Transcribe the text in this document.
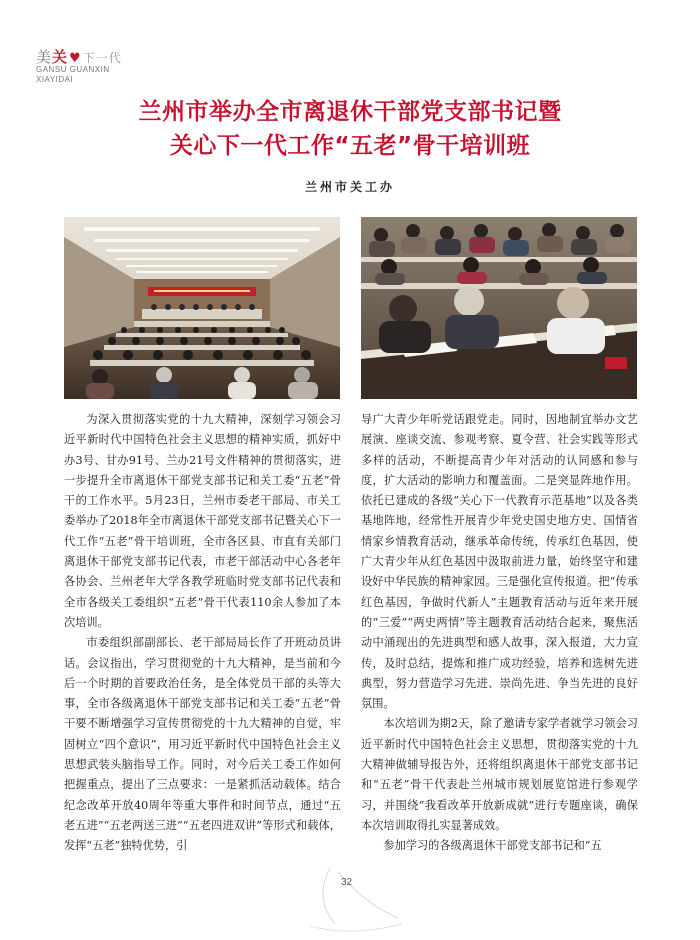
美关♥下一代
GANSU GUANXIN
XIAYIDAI
兰州市举办全市离退休干部党支部书记暨
关心下一代工作“五老”骨干培训班
兰州市关工办

为深入贯彻落实党的十九大精神，深刻学习领会习近平新时代中国特色社会主义思想的精神实质，抓好中办3号、甘办91号、兰办21号文件精神的贯彻落实，进一步提升全市离退休干部党支部书记和关工委“五老”骨干的工作水平。5月23日，兰州市委老干部局、市关工委举办了2018年全市离退休干部党支部书记暨关心下一代工作“五老”骨干培训班，全市各区县、市直有关部门离退休干部党支部书记代表，市老干部活动中心各老年各协会、兰州老年大学各教学班临时党支部书记代表和全市各级关工委组织“五老”骨干代表110余人参加了本次培训。

市委组织部副部长、老干部局局长作了开班动员讲话。会议指出，学习贯彻党的十九大精神，是当前和今后一个时期的首要政治任务，是全体党员干部的头等大事，全市各级离退休干部党支部书记和关工委“五老”骨干要不断增强学习宣传贯彻党的十九大精神的自觉，牢固树立“四个意识”，用习近平新时代中国特色社会主义思想武装头脑指导工作。同时，对今后关工委工作如何把握重点，提出了三点要求：一是紧抓活动载体。结合纪念改革开放40周年等重大事件和时间节点，通过“五老五进”“五老两送三进”“五老四进双讲”等形式和载体，发挥“五老”独特优势，引

导广大青少年听党话跟党走。同时，因地制宜举办文艺展演、座谈交流、参观考察、夏令营、社会实践等形式多样的活动，不断提高青少年对活动的认同感和参与度，扩大活动的影响力和覆盖面。二是突显阵地作用。依托已建成的各级“关心下一代教育示范基地”以及各类基地阵地，经常性开展青少年党史国史地方史、国情省情家乡情教育活动，继承革命传统，传承红色基因，使广大青少年从红色基因中汲取前进力量，始终坚守和建设好中华民族的精神家园。三是强化宣传报道。把“传承红色基因，争做时代新人”主题教育活动与近年来开展的“三爱”“两史两情”等主题教育活动结合起来，聚焦活动中涌现出的先进典型和感人故事，深入报道，大力宣传，及时总结，提炼和推广成功经验，培养和选树先进典型，努力营造学习先进、崇尚先进、争当先进的良好氛围。

本次培训为期2天，除了邀请专家学者就学习领会习近平新时代中国特色社会主义思想，贯彻落实党的十九大精神做辅导报告外，还将组织离退休干部党支部书记和“五老”骨干代表赴兰州城市规划展览馆进行参观学习，并围绕“我看改革开放新成就”进行专题座谈，确保本次培训取得扎实显著成效。

参加学习的各级离退休干部党支部书记和“五

32
